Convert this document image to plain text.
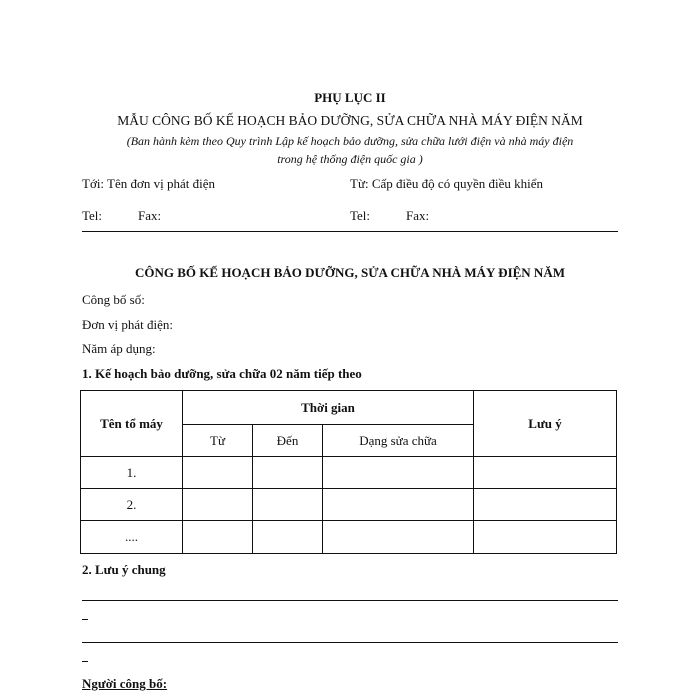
PHỤ LỤC II
MẪU CÔNG BỐ KẾ HOẠCH BẢO DƯỠNG, SỬA CHỮA NHÀ MÁY ĐIỆN NĂM
(Ban hành kèm theo Quy trình Lập kế hoạch bảo dưỡng, sửa chữa lưới điện và nhà máy điện
trong hệ thống điện quốc gia )
Tới: Tên đơn vị phát điện	Từ: Cấp điều độ có quyền điều khiển
Tel:	Fax:	Tel:	Fax:
CÔNG BỐ KẾ HOẠCH BẢO DƯỠNG, SỬA CHỮA NHÀ MÁY ĐIỆN NĂM
Công bố số:
Đơn vị phát điện:
Năm áp dụng:
1. Kế hoạch bảo dưỡng, sửa chữa 02 năm tiếp theo
Tên tổ máy	Thời gian			Lưu ý
	Từ	Đến	Dạng sửa chữa	
1.				
2.				
....				
2. Lưu ý chung
Người công bố:
